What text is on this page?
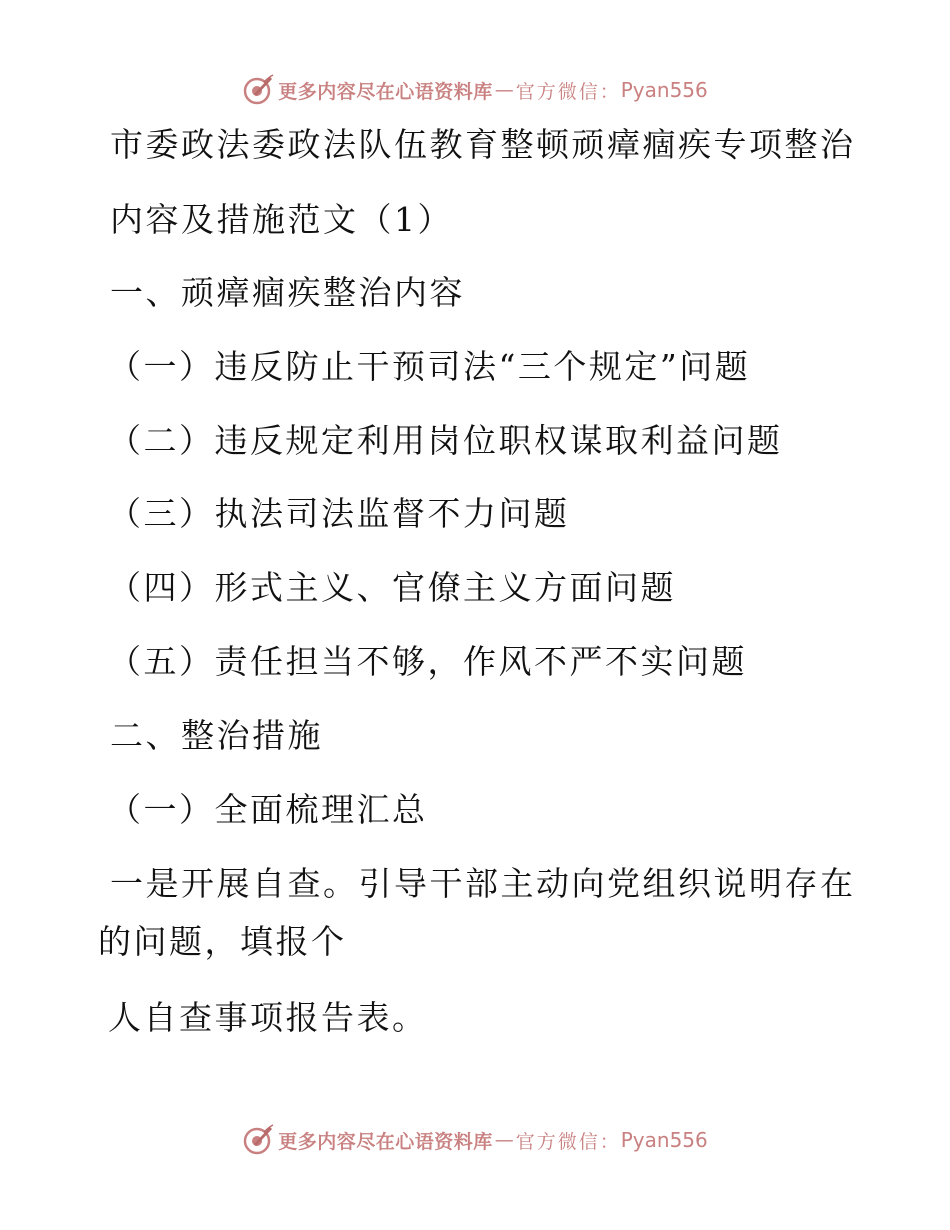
更多内容尽在心语资料库 — 官方微信： Pyan556
市委政法委政法队伍教育整顿顽瘴痼疾专项整治
内容及措施范文（1）
一、顽瘴痼疾整治内容
（一）违反防止干预司法“三个规定”问题
（二）违反规定利用岗位职权谋取利益问题
（三）执法司法监督不力问题
（四）形式主义、官僚主义方面问题
（五）责任担当不够，作风不严不实问题
二、整治措施
（一）全面梳理汇总
一是开展自查。引导干部主动向党组织说明存在
的问题，填报个
人自查事项报告表。
更多内容尽在心语资料库 — 官方微信： Pyan556
